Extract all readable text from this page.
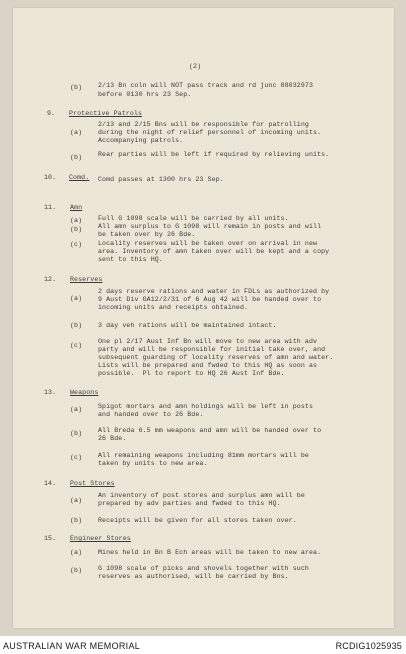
(2)
(b) 2/13 Bn coln will NOT pass track and rd junc 88032973
before 0130 hrs 23 Sep.
9. Protective Patrols
(a)
2/13 and 2/15 Bns will be responsible for patrolling
during the night of relief personnel of incoming units.
Accompanying patrols.
(b) Rear parties will be left if required by relieving units.
10. Comd. Comd passes at 1300 hrs 23 Sep.
11. Amn
(a) Full G 1098 scale will be carried by all units.
(b) All amn surplus to G 1098 will remain in posts and will
be taken over by 26 Bde.
(c) Locality reserves will be taken over on arrival in new
area. Inventory of amn taken over will be kept and a copy
sent to this HQ.
12. Reserves
(a)
2 days reserve rations and water in FDLs as authorized by
9 Aust Div GA12/2/31 of 6 Aug 42 will be handed over to
incoming units and receipts obtained.
(b) 3 day veh rations will be maintained intact.
(c)
One pl 2/17 Aust Inf Bn will move to new area with adv
party and will be responsible for initial take over, and
subsequent guarding of locality reserves of amn and water.
Lists will be prepared and fwded to this HQ as soon as
possible.  Pl to report to HQ 26 Aust Inf Bde.
13. Weapons
(a) Spigot mortars and amn holdings will be left in posts
and handed over to 26 Bde.
(b) All Breda 6.5 mm weapons and amn will be handed over to
26 Bde.
(c) All remaining weapons including 81mm mortars will be
taken by units to new area.
14. Post Stores
(a)
An inventory of post stores and surplus amn will be
prepared by adv parties and fwded to this HQ.
(b) Receipts will be given for all stores taken over.
15. Engineer Stores
(a) Mines held in Bn B Ech areas will be taken to new area.
(b) G 1098 scale of picks and shovels together with such
reserves as authorised, will be carried by Bns.
AUSTRALIAN WAR MEMORIAL	RCDIG1025935
